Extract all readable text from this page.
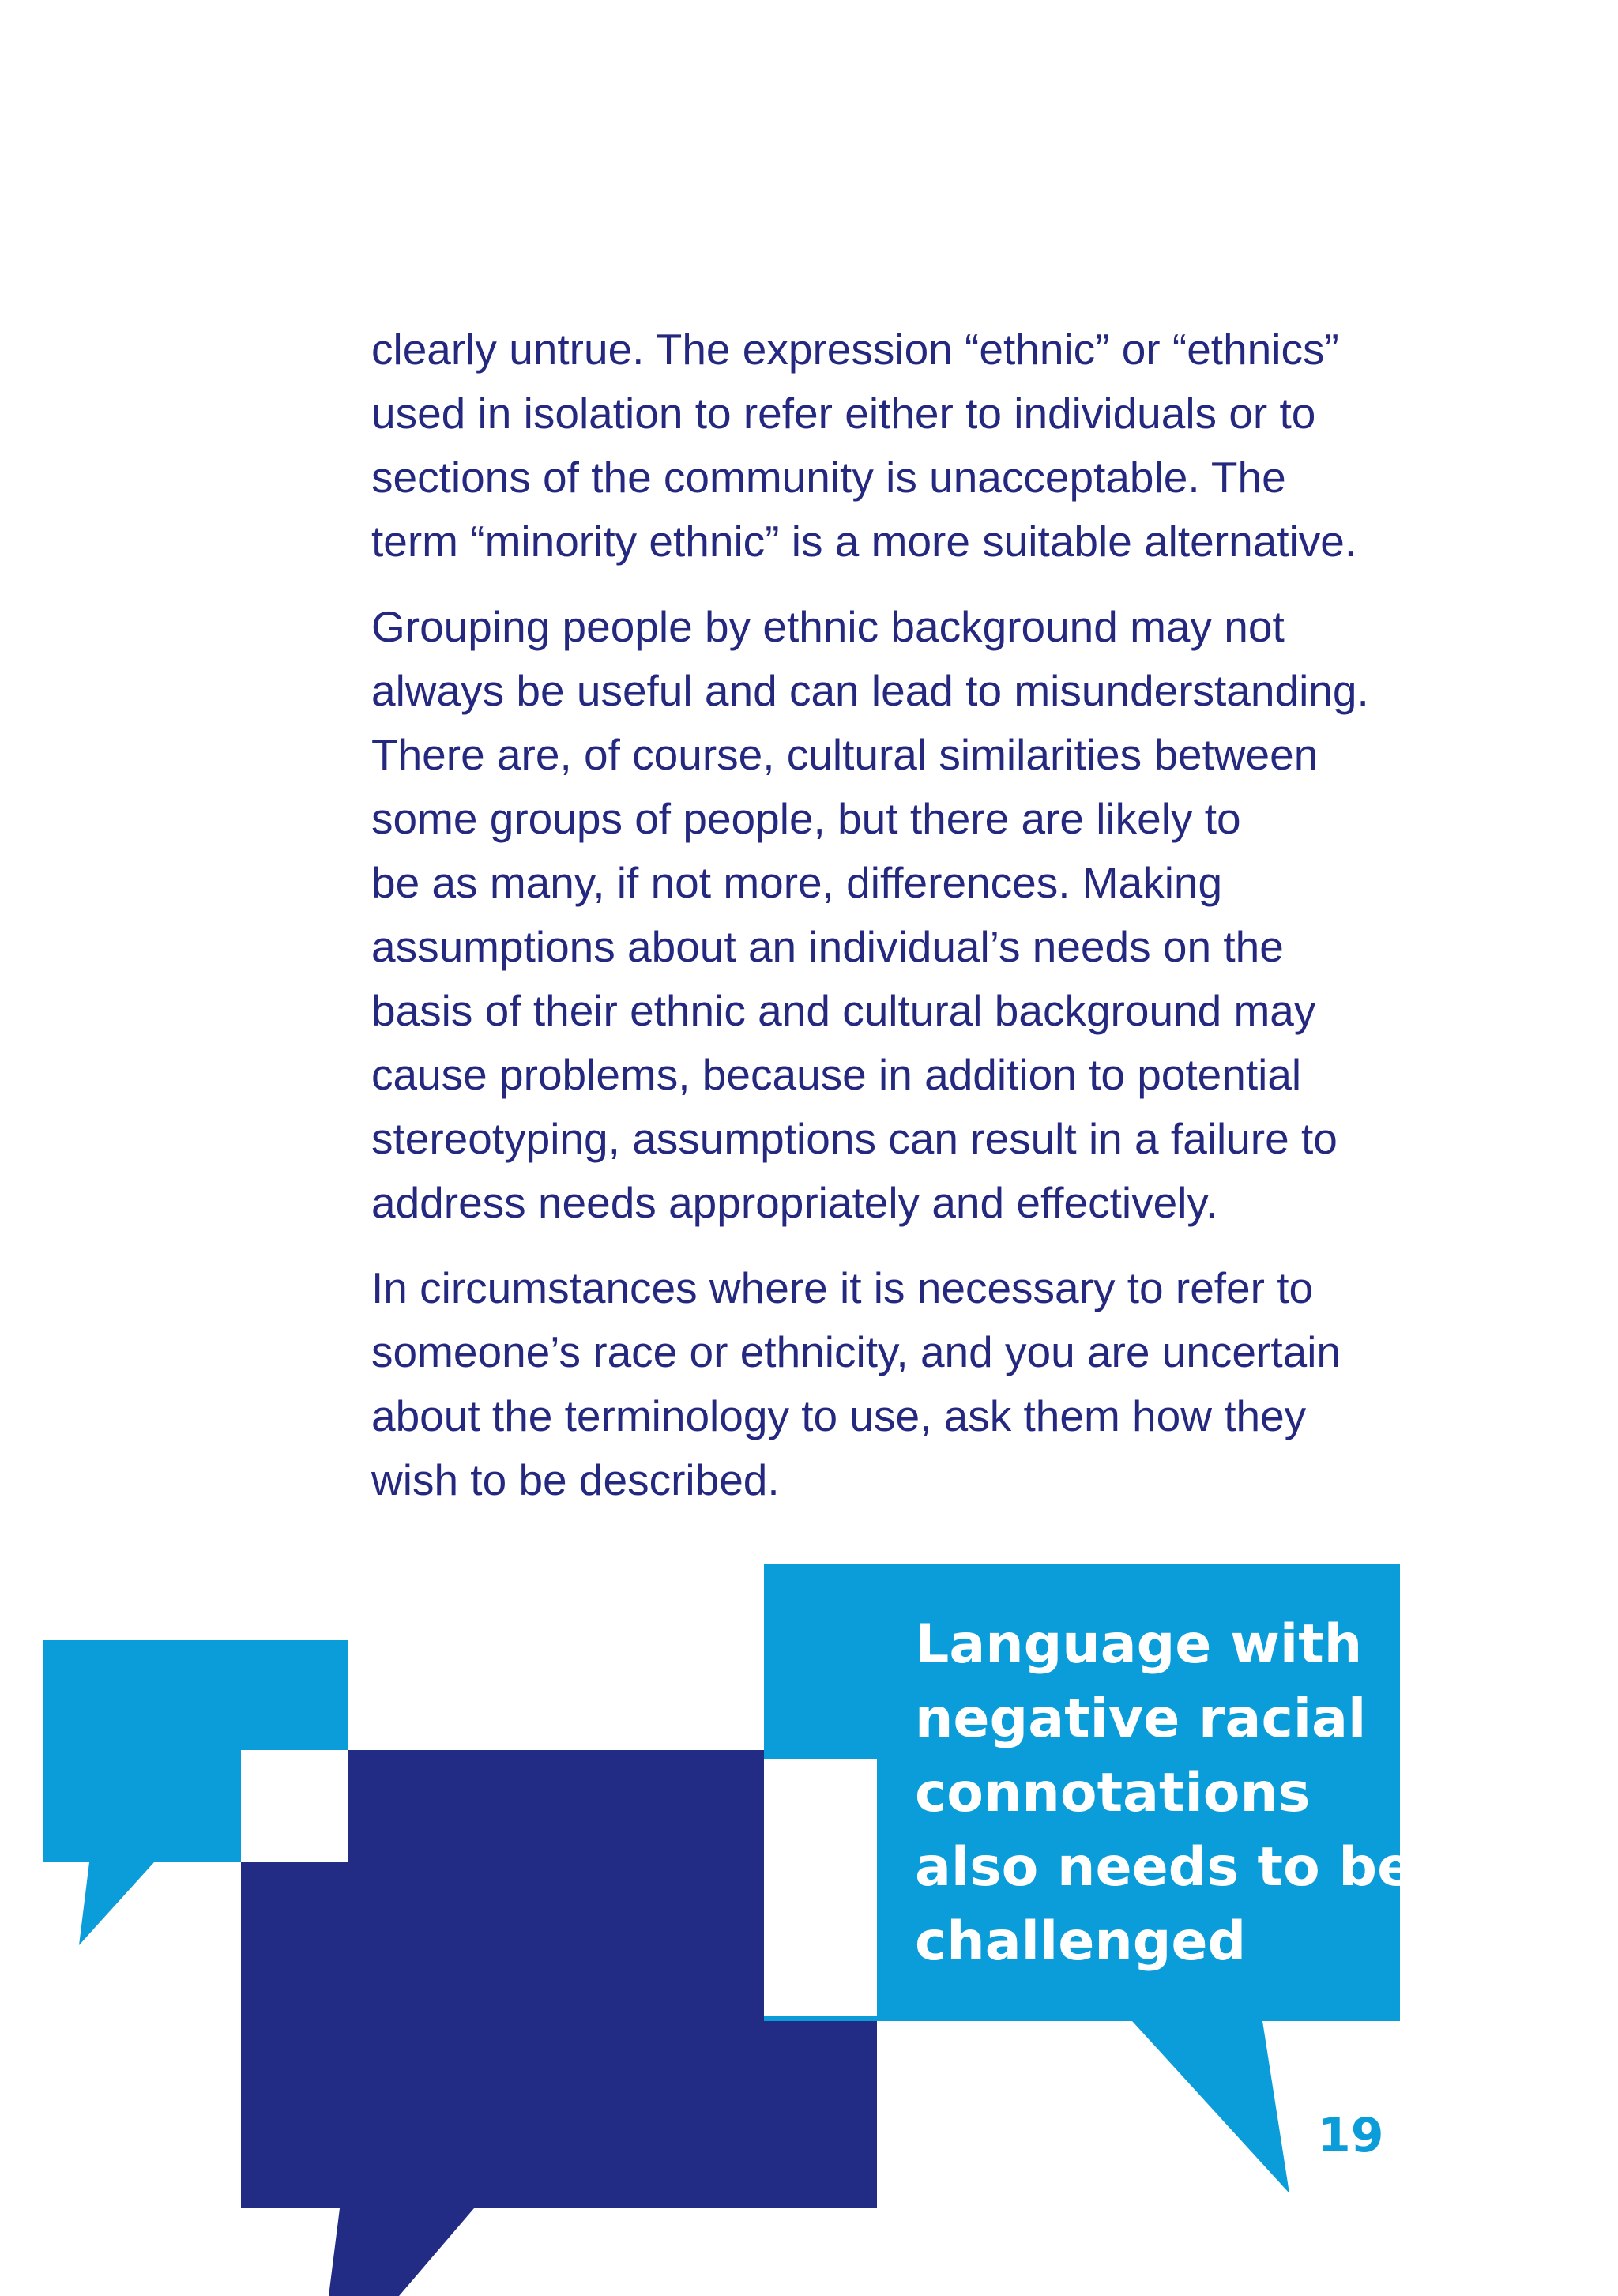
clearly untrue. The expression “ethnic” or “ethnics”
used in isolation to refer either to individuals or to
sections of the community is unacceptable. The
term “minority ethnic” is a more suitable alternative.

Grouping people by ethnic background may not
always be useful and can lead to misunderstanding.
There are, of course, cultural similarities between
some groups of people, but there are likely to
be as many, if not more, differences. Making
assumptions about an individual’s needs on the
basis of their ethnic and cultural background may
cause problems, because in addition to potential
stereotyping, assumptions can result in a failure to
address needs appropriately and effectively.

In circumstances where it is necessary to refer to
someone’s race or ethnicity, and you are uncertain
about the terminology to use, ask them how they
wish to be described.

Language with
negative racial
connotations
also needs to be
challenged
19
